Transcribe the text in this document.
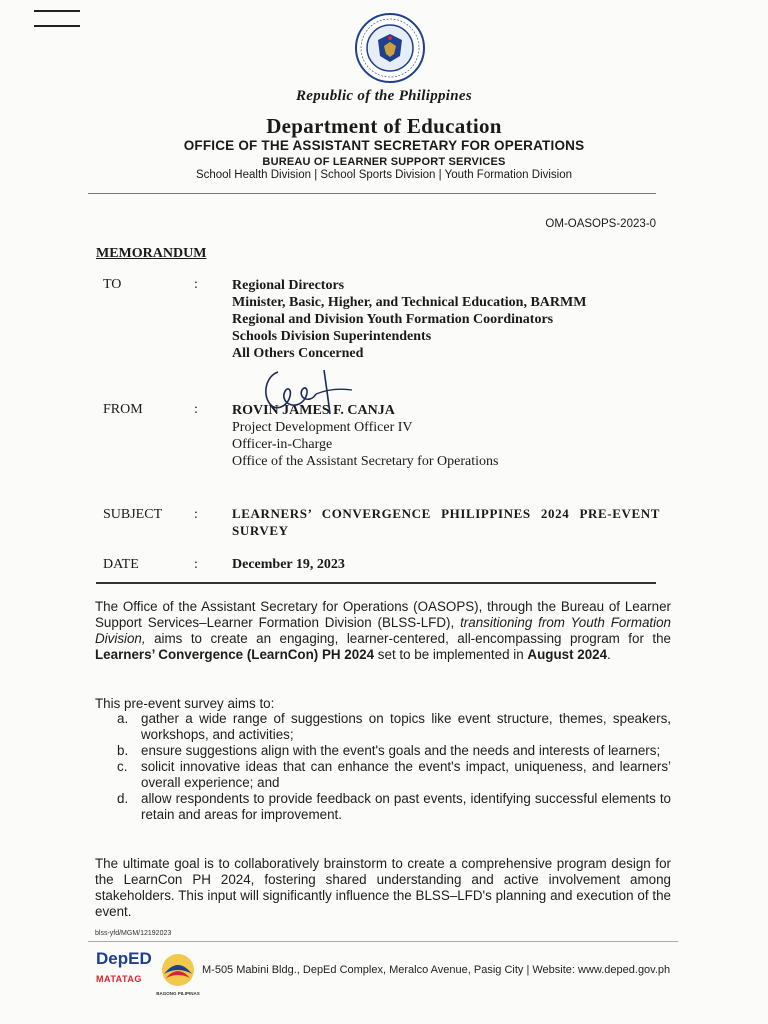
Republic of the Philippines
Department of Education
OFFICE OF THE ASSISTANT SECRETARY FOR OPERATIONS
BUREAU OF LEARNER SUPPORT SERVICES
School Health Division | School Sports Division | Youth Formation Division
OM-OASOPS-2023-0
MEMORANDUM
TO	: Regional Directors
Minister, Basic, Higher, and Technical Education, BARMM
Regional and Division Youth Formation Coordinators
Schools Division Superintendents
All Others Concerned
FROM	: ROVIN JAMES F. CANJA
Project Development Officer IV
Officer-in-Charge
Office of the Assistant Secretary for Operations
SUBJECT :	LEARNERS’ CONVERGENCE PHILIPPINES 2024 PRE-EVENT SURVEY
DATE	: December 19, 2023
The Office of the Assistant Secretary for Operations (OASOPS), through the Bureau of Learner Support Services–Learner Formation Division (BLSS-LFD), transitioning from Youth Formation Division, aims to create an engaging, learner-centered, all-encompassing program for the Learners’ Convergence (LearnCon) PH 2024 set to be implemented in August 2024.
This pre-event survey aims to:
a. gather a wide range of suggestions on topics like event structure, themes, speakers, workshops, and activities;
b. ensure suggestions align with the event's goals and the needs and interests of learners;
c.	solicit innovative ideas that can enhance the event's impact, uniqueness, and learners’ overall experience; and
d. allow respondents to provide feedback on past events, identifying successful elements to retain and areas for improvement.
The ultimate goal is to collaboratively brainstorm to create a comprehensive program design for the LearnCon PH 2024, fostering shared understanding and active involvement among stakeholders. This input will significantly influence the BLSS–LFD's planning and execution of the event.
blss-yfd/MGM/12192023
DepED
MATATAG
BAGONG PILIPINAS
M-505 Mabini Bldg., DepEd Complex, Meralco Avenue, Pasig City | Website: www.deped.gov.ph
